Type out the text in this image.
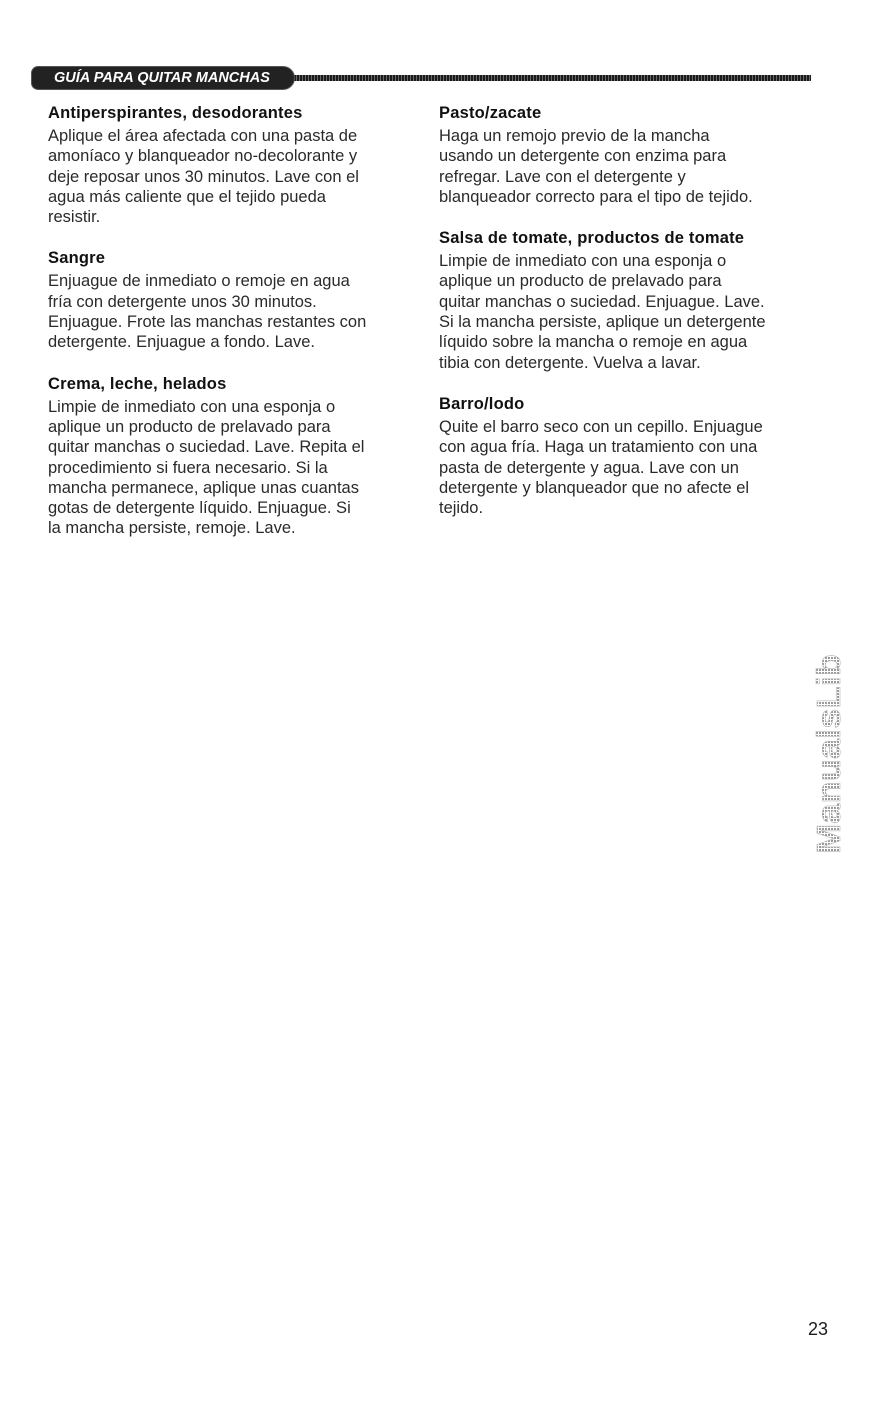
GUÍA PARA QUITAR MANCHAS
Antiperspirantes, desodorantes

Aplique el área afectada con una pasta de
amoníaco y blanqueador no-decolorante y
deje reposar unos 30 minutos. Lave con el
agua más caliente que el tejido pueda
resistir.

Sangre

Enjuague de inmediato o remoje en agua
fría con detergente unos 30 minutos.
Enjuague. Frote las manchas restantes con
detergente. Enjuague a fondo. Lave.

Crema, leche, helados

Limpie de inmediato con una esponja o
aplique un producto de prelavado para
quitar manchas o suciedad. Lave. Repita el
procedimiento si fuera necesario. Si la
mancha permanece, aplique unas cuantas
gotas de detergente líquido. Enjuague. Si
la mancha persiste, remoje. Lave.

Pasto/zacate

Haga un remojo previo de la mancha
usando un detergente con enzima para
refregar. Lave con el detergente y
blanqueador correcto para el tipo de tejido.

Salsa de tomate, productos de tomate

Limpie de inmediato con una esponja o
aplique un producto de prelavado para
quitar manchas o suciedad. Enjuague. Lave.
Si la mancha persiste, aplique un detergente
líquido sobre la mancha o remoje en agua
tibia con detergente. Vuelva a lavar.

Barro/lodo

Quite el barro seco con un cepillo. Enjuague
con agua fría. Haga un tratamiento con una
pasta de detergente y agua. Lave con un
detergente y blanqueador que no afecte el
tejido.

ManualsLib
23
